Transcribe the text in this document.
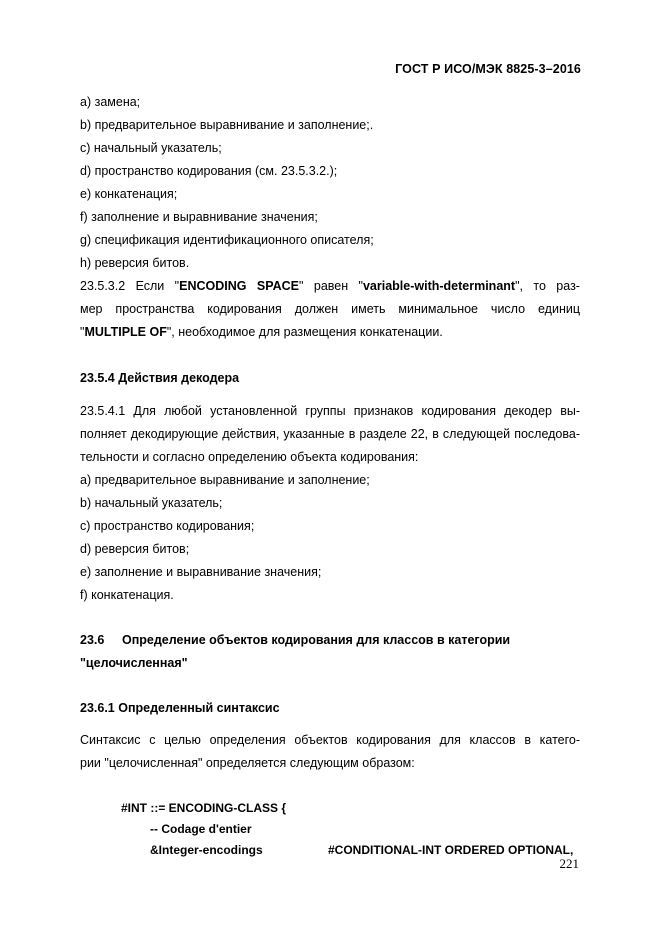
ГОСТ Р ИСО/МЭК 8825-3–2016
a) замена;
b) предварительное выравнивание и заполнение;.
c) начальный указатель;
d) пространство кодирования (см. 23.5.3.2.);
e) конкатенация;
f) заполнение и выравнивание значения;
g) спецификация идентификационного описателя;
h) реверсия битов.
23.5.3.2 Если "ENCODING SPACE" равен "variable-with-determinant", то раз-
мер пространства кодирования должен иметь минимальное число единиц
"MULTIPLE OF", необходимое для размещения конкатенации.
23.5.4 Действия декодера
23.5.4.1 Для любой установленной группы признаков кодирования декодер вы-
полняет декодирующие действия, указанные в разделе 22, в следующей последова-
тельности и согласно определению объекта кодирования:
a) предварительное выравнивание и заполнение;
b) начальный указатель;
c) пространство кодирования;
d) реверсия битов;
e) заполнение и выравнивание значения;
f) конкатенация.
23.6 Определение объектов кодирования для классов в категории
"целочисленная"
23.6.1 Определенный синтаксис
Синтаксис с целью определения объектов кодирования для классов в катего-
рии "целочисленная" определяется следующим образом:
#INT ::= ENCODING-CLASS {
-- Codage d'entier
&Integer-encodings	#CONDITIONAL-INT ORDERED OPTIONAL,
221
